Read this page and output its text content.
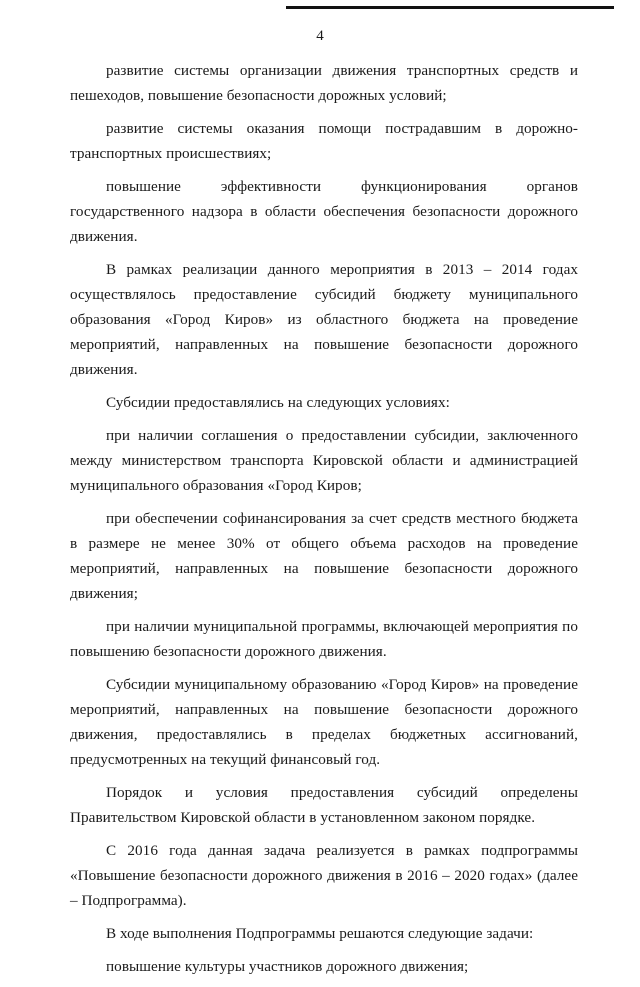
4

развитие системы организации движения транспортных средств и пешеходов, повышение безопасности дорожных условий;

развитие системы оказания помощи пострадавшим в дорожно-транспортных происшествиях;

повышение эффективности функционирования органов государственного надзора в области обеспечения безопасности дорожного движения.

В рамках реализации данного мероприятия в 2013 – 2014 годах осуществлялось предоставление субсидий бюджету муниципального образования «Город Киров» из областного бюджета на проведение мероприятий, направленных на повышение безопасности дорожного движения.

Субсидии предоставлялись на следующих условиях:

при наличии соглашения о предоставлении субсидии, заключенного между министерством транспорта Кировской области и администрацией муниципального образования «Город Киров;

при обеспечении софинансирования за счет средств местного бюджета в размере не менее 30% от общего объема расходов на проведение мероприятий, направленных на повышение безопасности дорожного движения;

при наличии муниципальной программы, включающей мероприятия по повышению безопасности дорожного движения.

Субсидии муниципальному образованию «Город Киров» на проведение мероприятий, направленных на повышение безопасности дорожного движения, предоставлялись в пределах бюджетных ассигнований, предусмотренных на текущий финансовый год.

Порядок и условия предоставления субсидий определены Правительством Кировской области в установленном законом порядке.

С 2016 года данная задача реализуется в рамках подпрограммы «Повышение безопасности дорожного движения в 2016 – 2020 годах» (далее – Подпрограмма).

В ходе выполнения Подпрограммы решаются следующие задачи:

повышение культуры участников дорожного движения;
